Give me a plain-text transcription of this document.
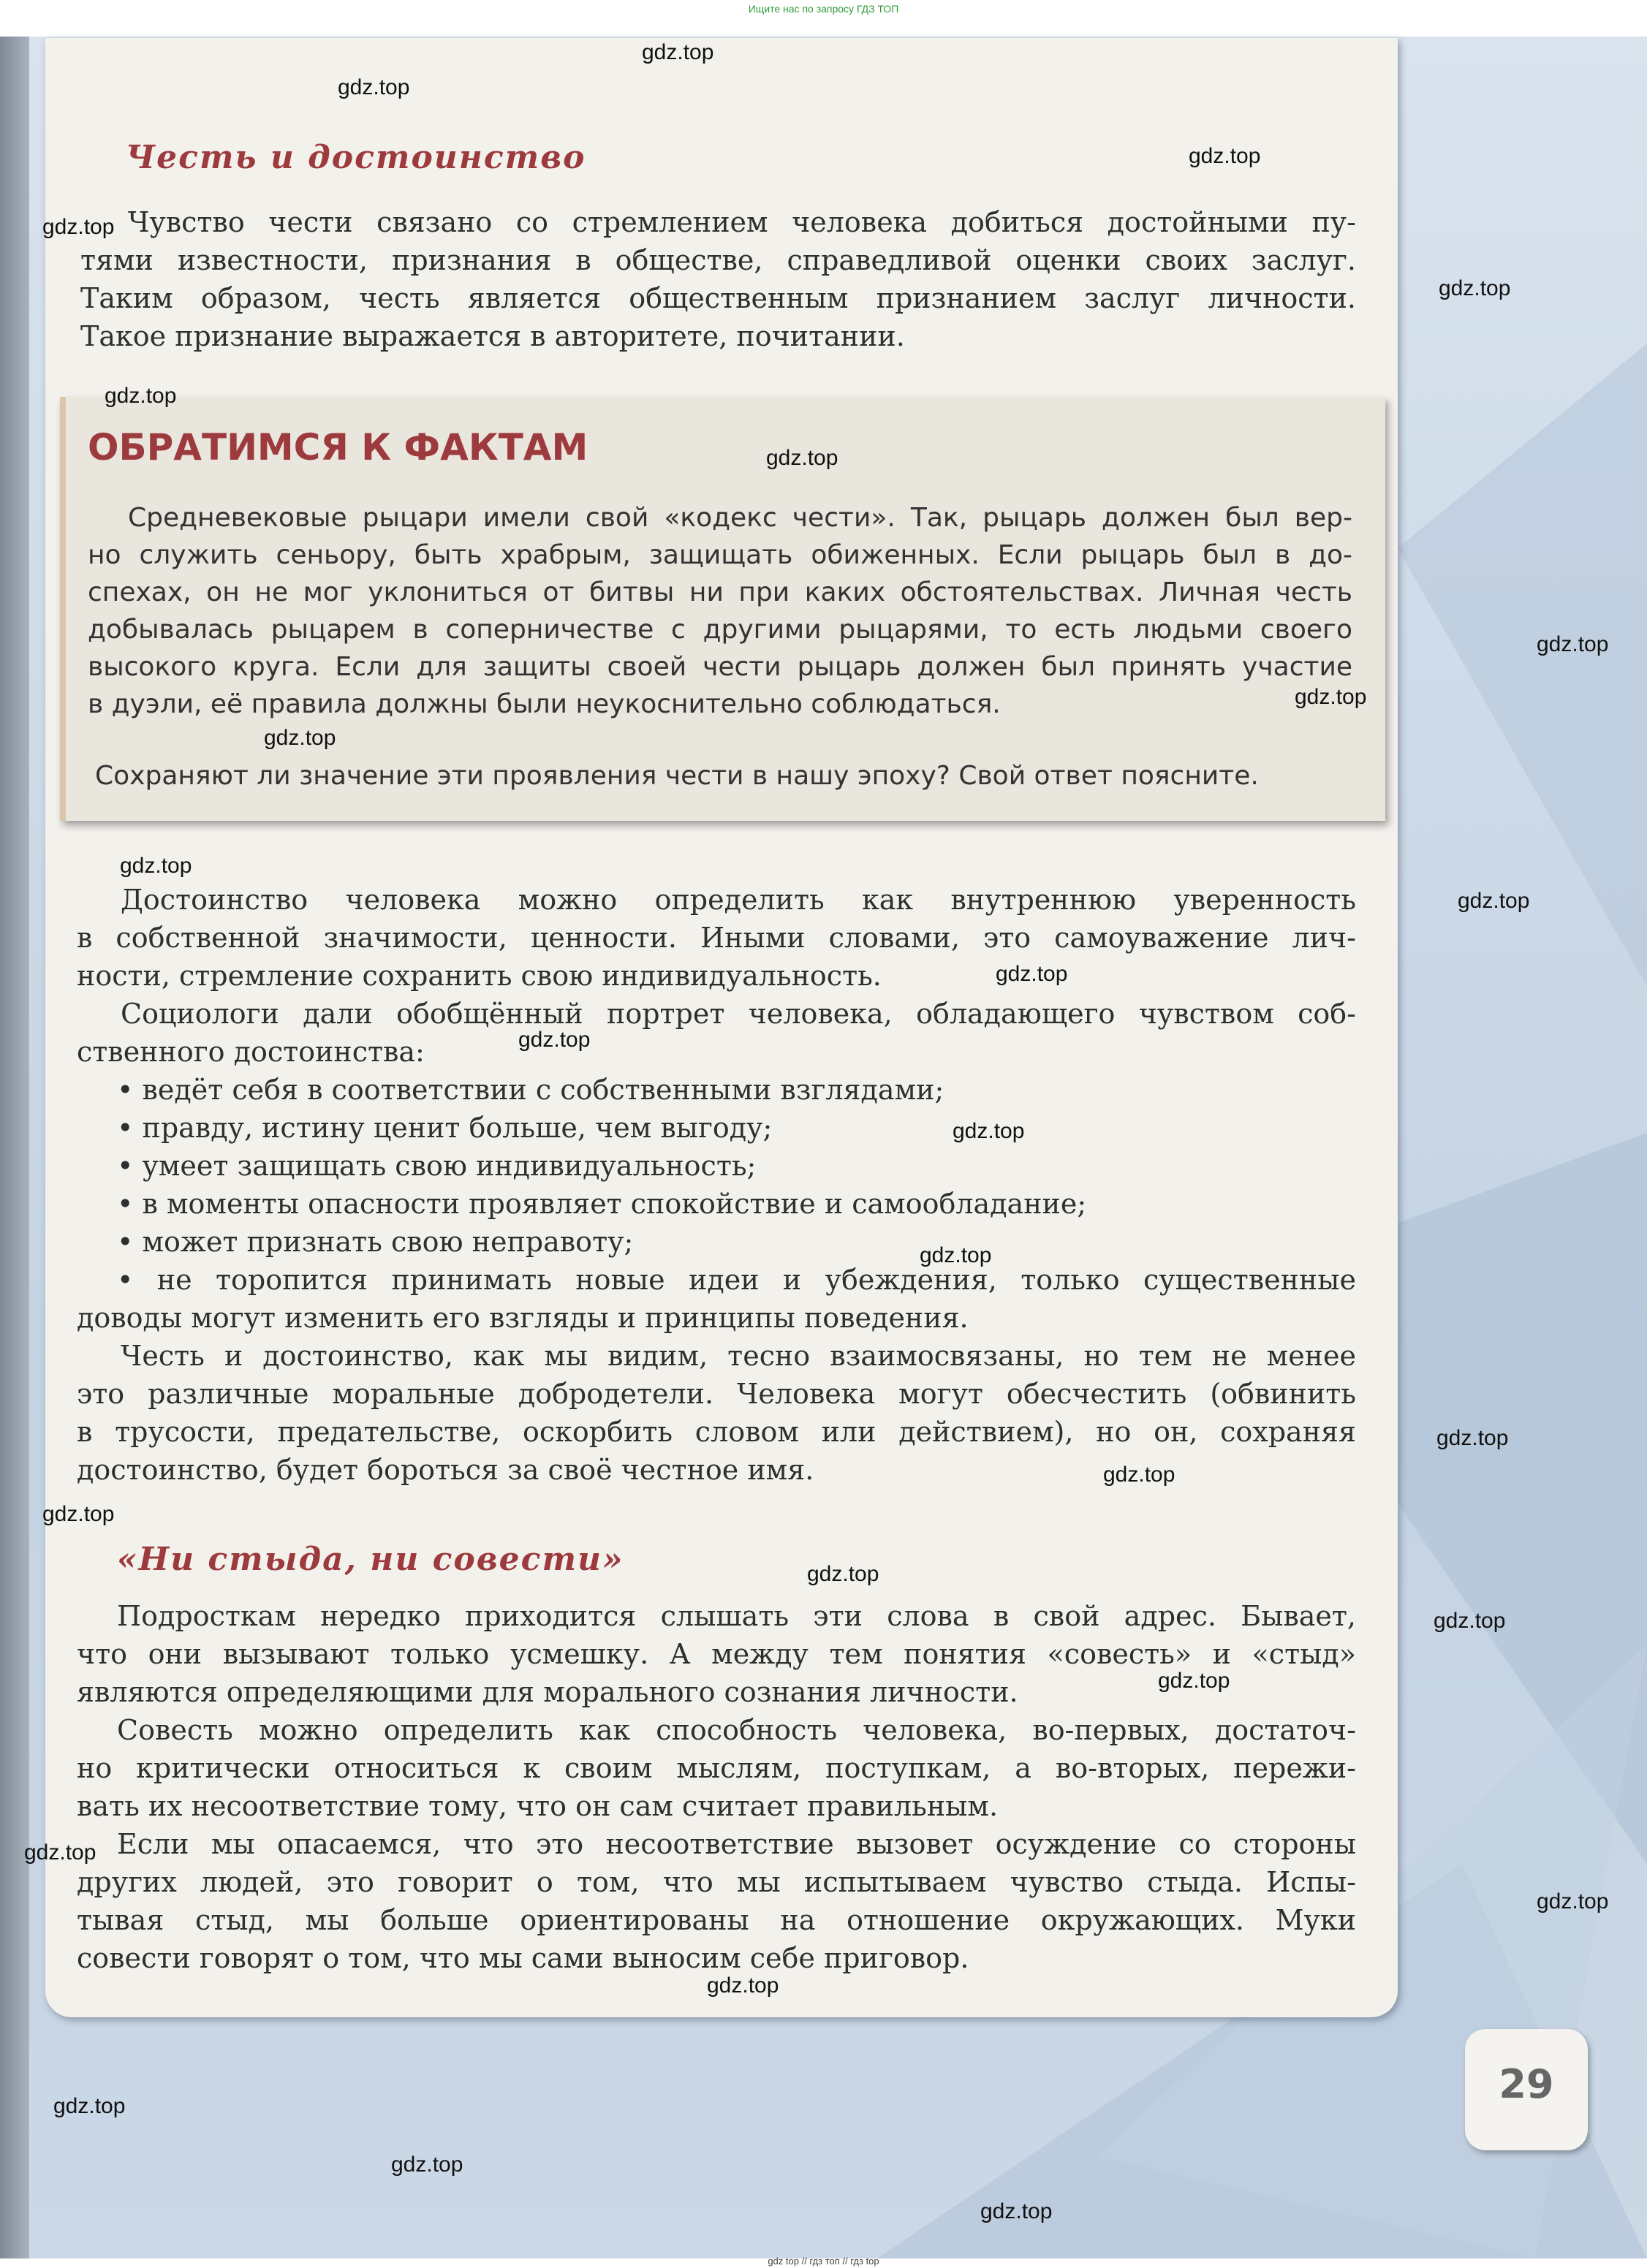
Ищите нас по запросу ГДЗ ТОП

Честь и достоинство

Чувство чести связано со стремлением человека добиться достойными пу-
тями известности, признания в обществе, справедливой оценки своих заслуг.
Таким образом, честь является общественным признанием заслуг личности.
Такое признание выражается в авторитете, почитании.

ОБРАТИМСЯ К ФАКТАМ

Средневековые рыцари имели свой «кодекс чести». Так, рыцарь должен был вер-
но служить сеньору, быть храбрым, защищать обиженных. Если рыцарь был в до-
спехах, он не мог уклониться от битвы ни при каких обстоятельствах. Личная честь
добывалась рыцарем в соперничестве с другими рыцарями, то есть людьми своего
высокого круга. Если для защиты своей чести рыцарь должен был принять участие
в дуэли, её правила должны были неукоснительно соблюдаться.

Сохраняют ли значение эти проявления чести в нашу эпоху? Свой ответ поясните.

Достоинство человека можно определить как внутреннюю уверенность
в собственной значимости, ценности. Иными словами, это самоуважение лич-
ности, стремление сохранить свою индивидуальность.
Социологи дали обобщённый портрет человека, обладающего чувством соб-
ственного достоинства:
• ведёт себя в соответствии с собственными взглядами;
• правду, истину ценит больше, чем выгоду;
• умеет защищать свою индивидуальность;
• в моменты опасности проявляет спокойствие и самообладание;
• может признать свою неправоту;
• не торопится принимать новые идеи и убеждения, только существенные
доводы могут изменить его взгляды и принципы поведения.
Честь и достоинство, как мы видим, тесно взаимосвязаны, но тем не менее
это различные моральные добродетели. Человека могут обесчестить (обвинить
в трусости, предательстве, оскорбить словом или действием), но он, сохраняя
достоинство, будет бороться за своё честное имя.

«Ни стыда, ни совести»

Подросткам нередко приходится слышать эти слова в свой адрес. Бывает,
что они вызывают только усмешку. А между тем понятия «совесть» и «стыд»
являются определяющими для морального сознания личности.
Совесть можно определить как способность человека, во-первых, достаточ-
но критически относиться к своим мыслям, поступкам, а во-вторых, пережи-
вать их несоответствие тому, что он сам считает правильным.
Если мы опасаемся, что это несоответствие вызовет осуждение со стороны
других людей, это говорит о том, что мы испытываем чувство стыда. Испы-
тывая стыд, мы больше ориентированы на отношение окружающих. Муки
совести говорят о том, что мы сами выносим себе приговор.
29
gdz.top
gdz.top
gdz.top
gdz.top
gdz.top
gdz.top
gdz.top
gdz.top
gdz.top
gdz.top
gdz.top
gdz.top
gdz.top
gdz.top
gdz.top
gdz.top
gdz.top
gdz.top
gdz.top
gdz.top
gdz.top
gdz.top
gdz.top
gdz.top
gdz.top
gdz.top
gdz.top
gdz.top
gdz top // гдз топ // гдз top
